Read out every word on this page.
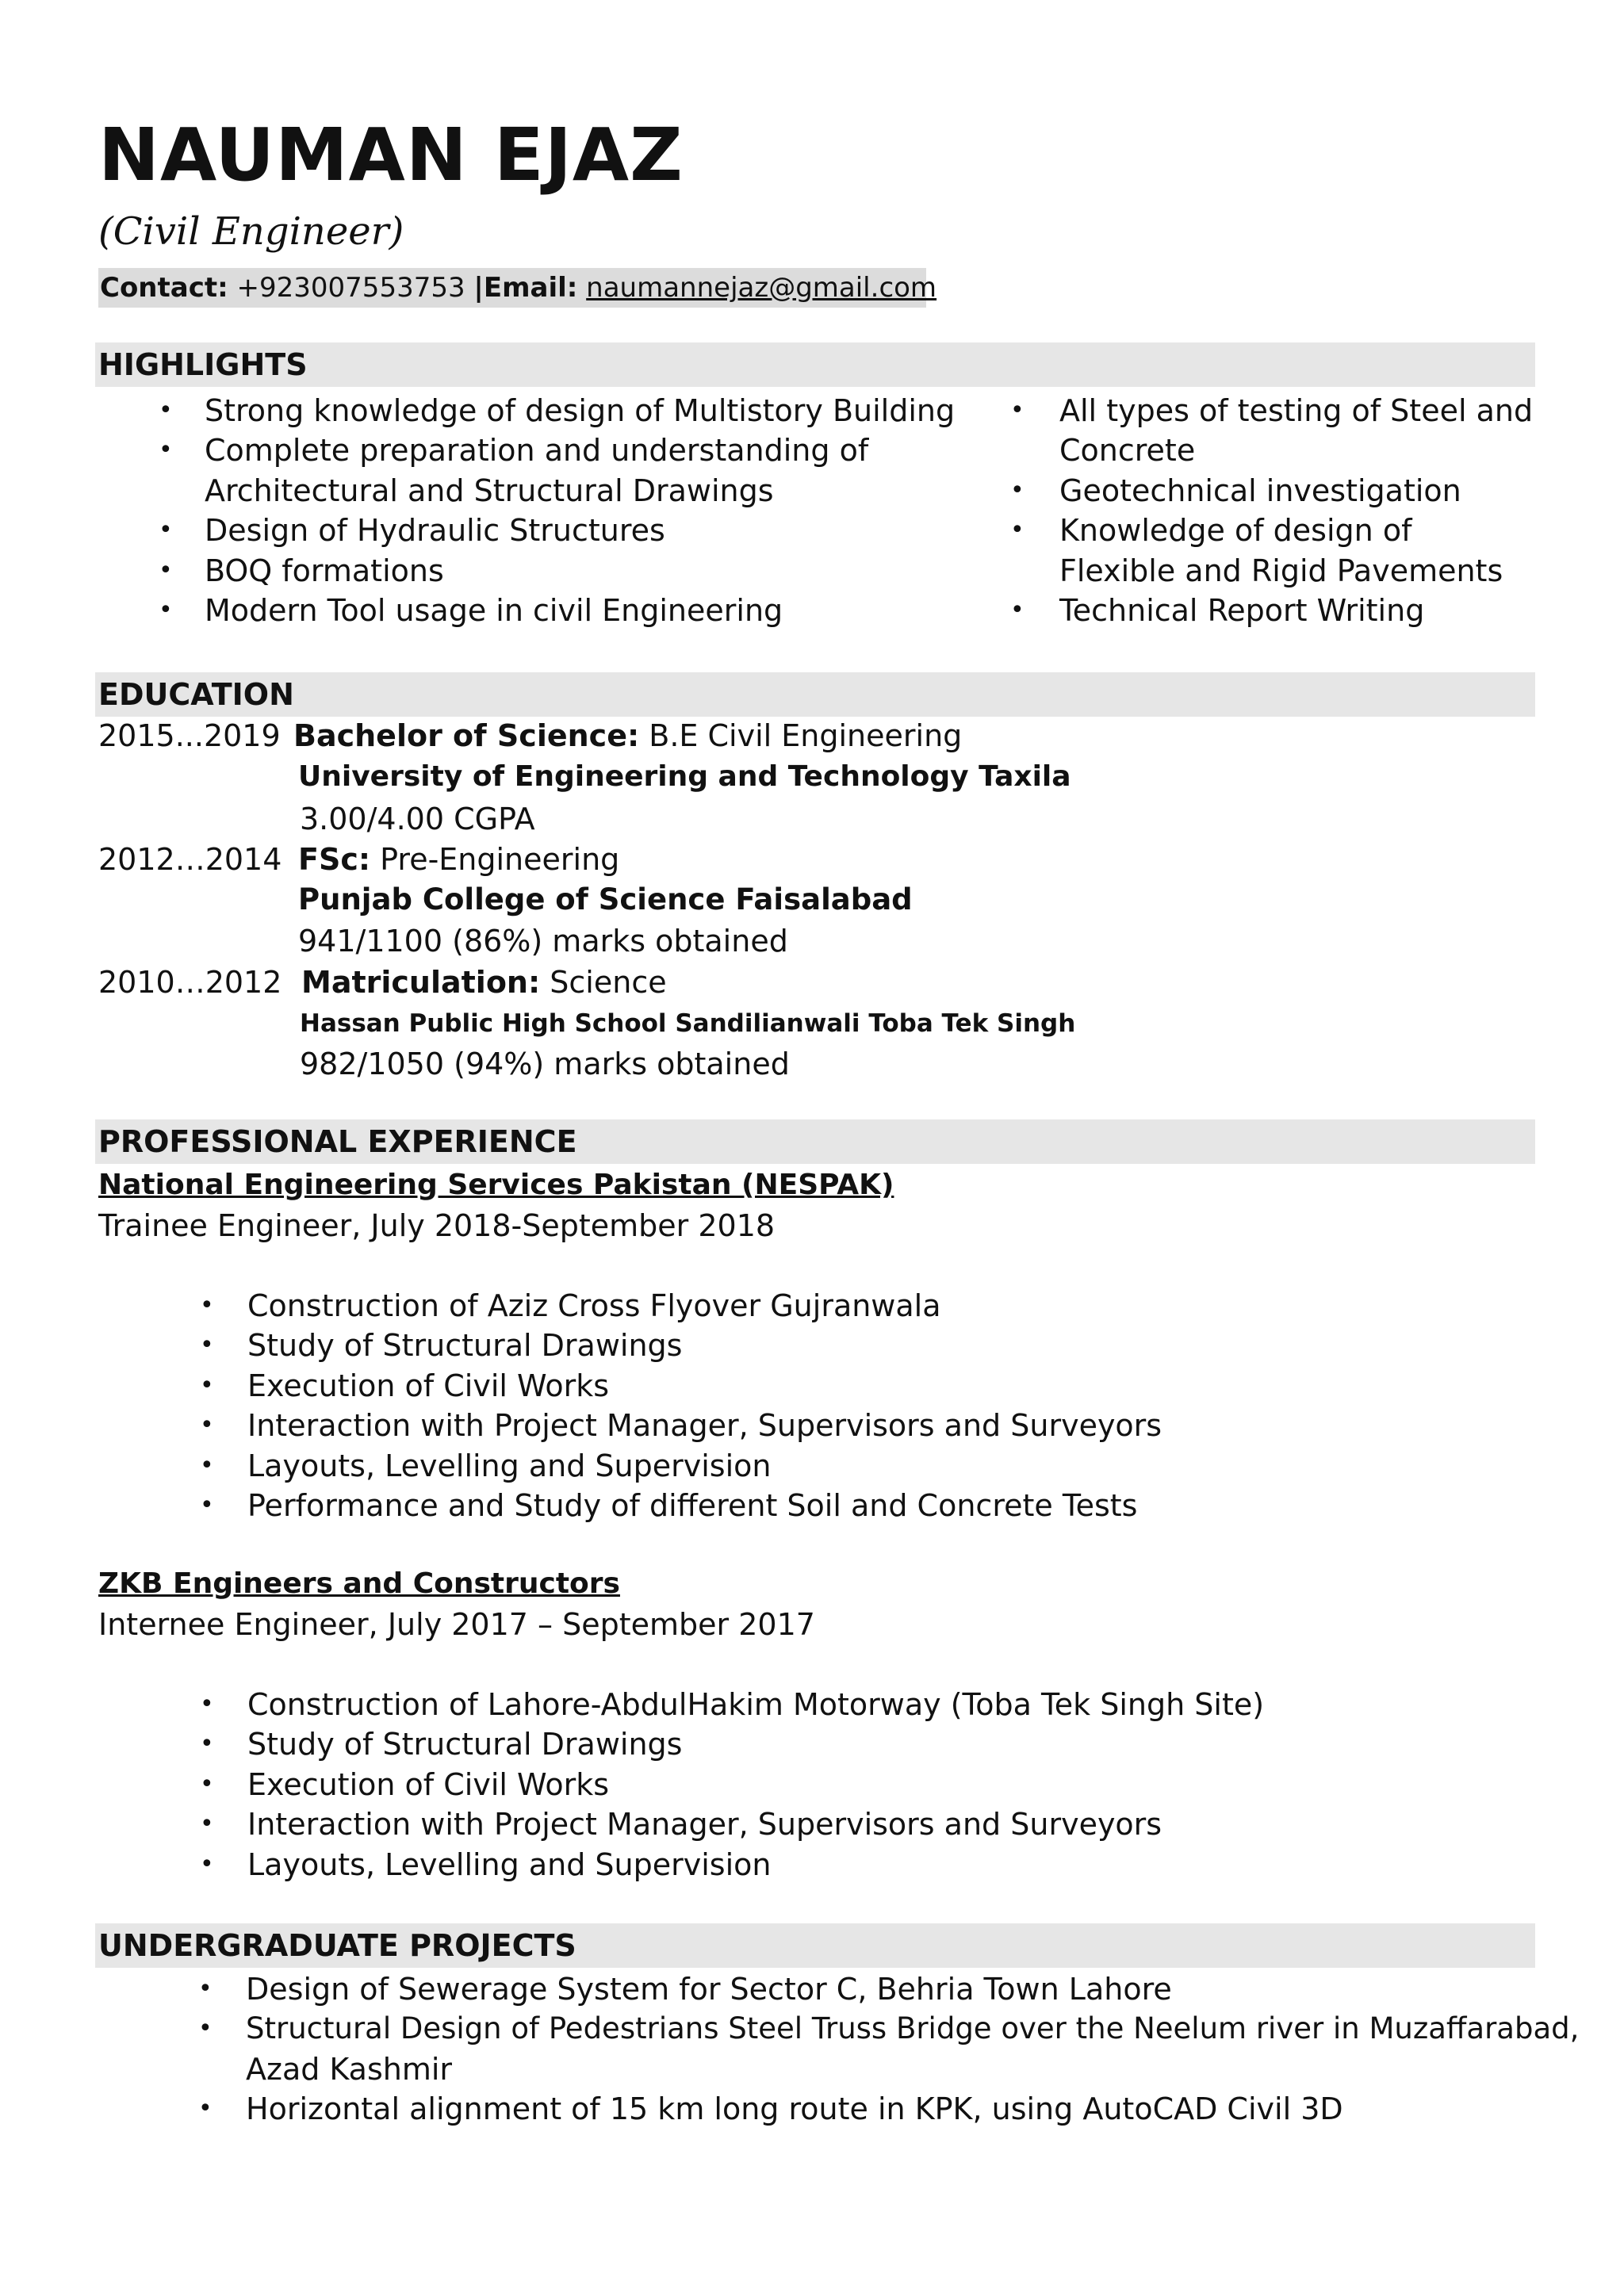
NAUMAN EJAZ
(Civil Engineer)
Contact: +923007553753 |Email: naumannejaz@gmail.com
HIGHLIGHTS
• Strong knowledge of design of Multistory Building
• Complete preparation and understanding of
Architectural and Structural Drawings
• Design of Hydraulic Structures
• BOQ formations
• Modern Tool usage in civil Engineering
• All types of testing of Steel and
Concrete
• Geotechnical investigation
• Knowledge of design of
Flexible and Rigid Pavements
• Technical Report Writing
EDUCATION
2015...2019 Bachelor of Science: B.E Civil Engineering
University of Engineering and Technology Taxila
3.00/4.00 CGPA
2012…2014 FSc: Pre-Engineering
Punjab College of Science Faisalabad
941/1100 (86%) marks obtained
2010…2012 Matriculation: Science
Hassan Public High School Sandilianwali Toba Tek Singh
982/1050 (94%) marks obtained
PROFESSIONAL EXPERIENCE
National Engineering Services Pakistan (NESPAK)
Trainee Engineer, July 2018-September 2018
• Construction of Aziz Cross Flyover Gujranwala
• Study of Structural Drawings
• Execution of Civil Works
• Interaction with Project Manager, Supervisors and Surveyors
• Layouts, Levelling and Supervision
• Performance and Study of different Soil and Concrete Tests
ZKB Engineers and Constructors
Internee Engineer, July 2017 – September 2017
• Construction of Lahore-AbdulHakim Motorway (Toba Tek Singh Site)
• Study of Structural Drawings
• Execution of Civil Works
• Interaction with Project Manager, Supervisors and Surveyors
• Layouts, Levelling and Supervision
UNDERGRADUATE PROJECTS
• Design of Sewerage System for Sector C, Behria Town Lahore
• Structural Design of Pedestrians Steel Truss Bridge over the Neelum river in Muzaffarabad,
Azad Kashmir
• Horizontal alignment of 15 km long route in KPK, using AutoCAD Civil 3D
